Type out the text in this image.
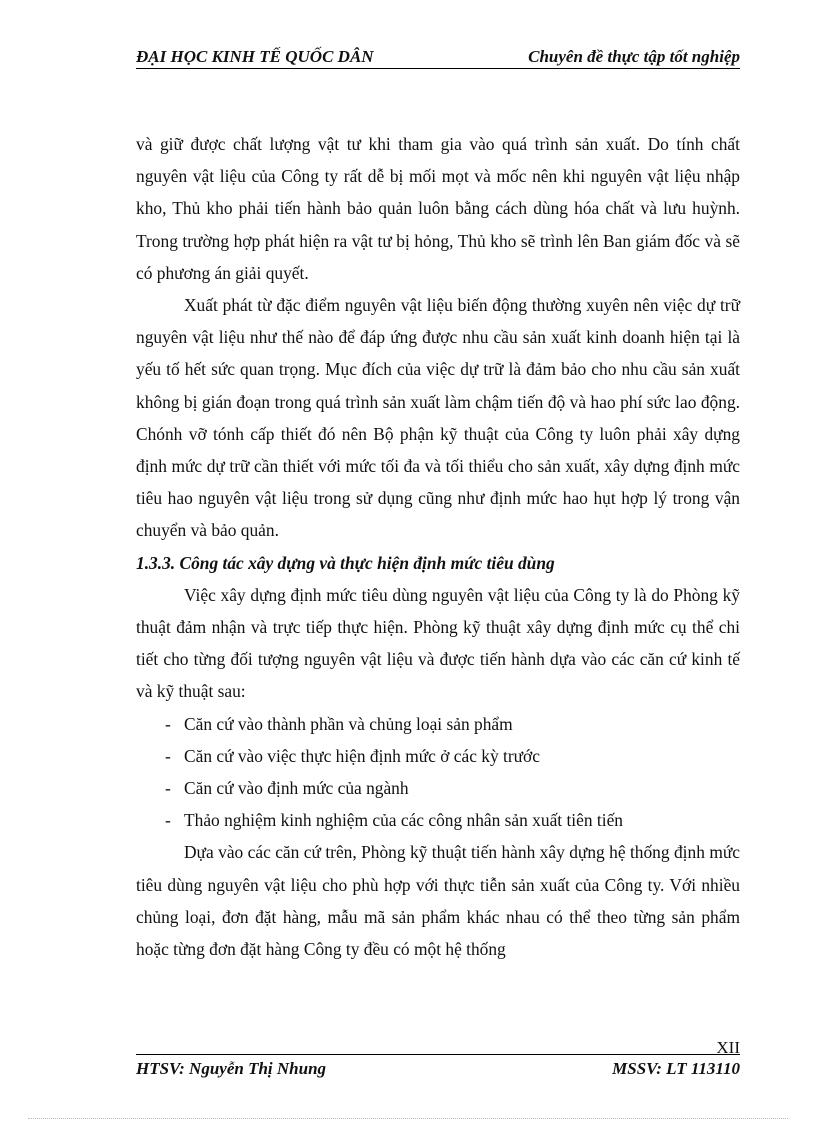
ĐẠI HỌC KINH TẾ QUỐC DÂN	Chuyên đề thực tập tốt nghiệp

và giữ được chất lượng vật tư khi tham gia vào quá trình sản xuất. Do tính chất nguyên vật liệu của Công ty rất dễ bị mối mọt và mốc nên khi nguyên vật liệu nhập kho, Thủ kho phải tiến hành bảo quản luôn bằng cách dùng hóa chất và lưu huỳnh. Trong trường hợp phát hiện ra vật tư bị hỏng, Thủ kho sẽ trình lên Ban giám đốc và sẽ có phương án giải quyết.

Xuất phát từ đặc điểm nguyên vật liệu biến động thường xuyên nên việc dự trữ nguyên vật liệu như thế nào để đáp ứng được nhu cầu sản xuất kinh doanh hiện tại là yếu tố hết sức quan trọng. Mục đích của việc dự trữ là đảm bảo cho nhu cầu sản xuất không bị gián đoạn trong quá trình sản xuất làm chậm tiến độ và hao phí sức lao động. Chónh vỡ tónh cấp thiết đó nên Bộ phận kỹ thuật của Công ty luôn phải xây dựng định mức dự trữ cần thiết với mức tối đa và tối thiểu cho sản xuất, xây dựng định mức tiêu hao nguyên vật liệu trong sử dụng cũng như định mức hao hụt hợp lý trong vận chuyển và bảo quản.

1.3.3. Công tác xây dựng và thực hiện định mức tiêu dùng

Việc xây dựng định mức tiêu dùng nguyên vật liệu của Công ty là do Phòng kỹ thuật đảm nhận và trực tiếp thực hiện. Phòng kỹ thuật xây dựng định mức cụ thể chi tiết cho từng đối tượng nguyên vật liệu và được tiến hành dựa vào các căn cứ kinh tế và kỹ thuật sau:

- Căn cứ vào thành phần và chủng loại sản phẩm
- Căn cứ vào việc thực hiện định mức ở các kỳ trước
- Căn cứ vào định mức của ngành
- Thảo nghiệm kinh nghiệm của các công nhân sản xuất tiên tiến

Dựa vào các căn cứ trên, Phòng kỹ thuật tiến hành xây dựng hệ thống định mức tiêu dùng nguyên vật liệu cho phù hợp với thực tiễn sản xuất của Công ty. Với nhiều chủng loại, đơn đặt hàng, mẫu mã sản phẩm khác nhau có thể theo từng sản phẩm hoặc từng đơn đặt hàng Công ty đều có một hệ thống

XII
HTSV: Nguyễn Thị Nhung	MSSV: LT 113110
